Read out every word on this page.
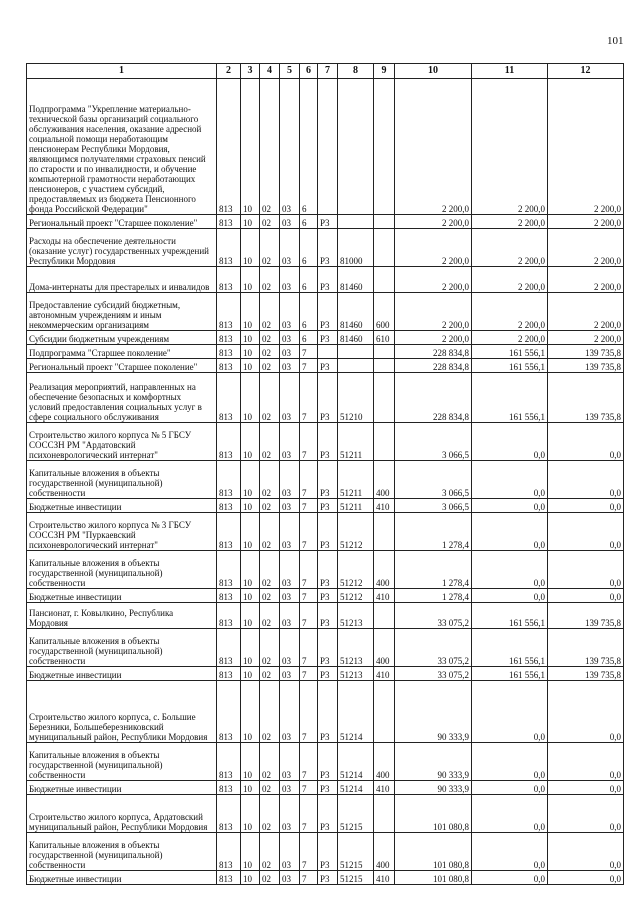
101
1	2	3	4	5	6	7	8	9	10	11	12
Подпрограмма "Укрепление материально-технической базы организаций социального обслуживания населения, оказание адресной социальной помощи неработающим пенсионерам Республики Мордовия, являющимся получателями страховых пенсий по старости и по инвалидности, и обучение компьютерной грамотности неработающих пенсионеров, с участием субсидий, предоставляемых из бюджета Пенсионного фонда Российской Федерации"	813	10	02	03	6				2 200,0	2 200,0	2 200,0
Региональный проект "Старшее поколение"	813	10	02	03	6	P3			2 200,0	2 200,0	2 200,0
Расходы на обеспечение деятельности (оказание услуг) государственных учреждений Республики Мордовия	813	10	02	03	6	P3	81000		2 200,0	2 200,0	2 200,0
Дома-интернаты для престарелых и инвалидов	813	10	02	03	6	P3	81460		2 200,0	2 200,0	2 200,0
Предоставление субсидий бюджетным, автономным учреждениям и иным некоммерческим организациям	813	10	02	03	6	P3	81460	600	2 200,0	2 200,0	2 200,0
Субсидии бюджетным учреждениям	813	10	02	03	6	P3	81460	610	2 200,0	2 200,0	2 200,0
Подпрограмма "Старшее поколение"	813	10	02	03	7				228 834,8	161 556,1	139 735,8
Региональный проект "Старшее поколение"	813	10	02	03	7	P3			228 834,8	161 556,1	139 735,8
Реализация мероприятий, направленных на обеспечение безопасных и комфортных условий предоставления социальных услуг в сфере социального обслуживания	813	10	02	03	7	P3	51210		228 834,8	161 556,1	139 735,8
Строительство жилого корпуса № 5 ГБСУ СОССЗН РМ "Ардатовский психоневрологический интернат"	813	10	02	03	7	P3	51211		3 066,5	0,0	0,0
Капитальные вложения в объекты государственной (муниципальной) собственности	813	10	02	03	7	P3	51211	400	3 066,5	0,0	0,0
Бюджетные инвестиции	813	10	02	03	7	P3	51211	410	3 066,5	0,0	0,0
Строительство жилого корпуса № 3 ГБСУ СОССЗН РМ "Пуркаевский психоневрологический интернат"	813	10	02	03	7	P3	51212		1 278,4	0,0	0,0
Капитальные вложения в объекты государственной (муниципальной) собственности	813	10	02	03	7	P3	51212	400	1 278,4	0,0	0,0
Бюджетные инвестиции	813	10	02	03	7	P3	51212	410	1 278,4	0,0	0,0
Пансионат, г. Ковылкино, Республика Мордовия	813	10	02	03	7	P3	51213		33 075,2	161 556,1	139 735,8
Капитальные вложения в объекты государственной (муниципальной) собственности	813	10	02	03	7	P3	51213	400	33 075,2	161 556,1	139 735,8
Бюджетные инвестиции	813	10	02	03	7	P3	51213	410	33 075,2	161 556,1	139 735,8
Строительство жилого корпуса, с. Большие Березники, Большеберезниковский муниципальный район, Республики Мордовия	813	10	02	03	7	P3	51214		90 333,9	0,0	0,0
Капитальные вложения в объекты государственной (муниципальной) собственности	813	10	02	03	7	P3	51214	400	90 333,9	0,0	0,0
Бюджетные инвестиции	813	10	02	03	7	P3	51214	410	90 333,9	0,0	0,0
Строительство жилого корпуса, Ардатовский муниципальный район, Республики Мордовия	813	10	02	03	7	P3	51215		101 080,8	0,0	0,0
Капитальные вложения в объекты государственной (муниципальной) собственности	813	10	02	03	7	P3	51215	400	101 080,8	0,0	0,0
Бюджетные инвестиции	813	10	02	03	7	P3	51215	410	101 080,8	0,0	0,0
